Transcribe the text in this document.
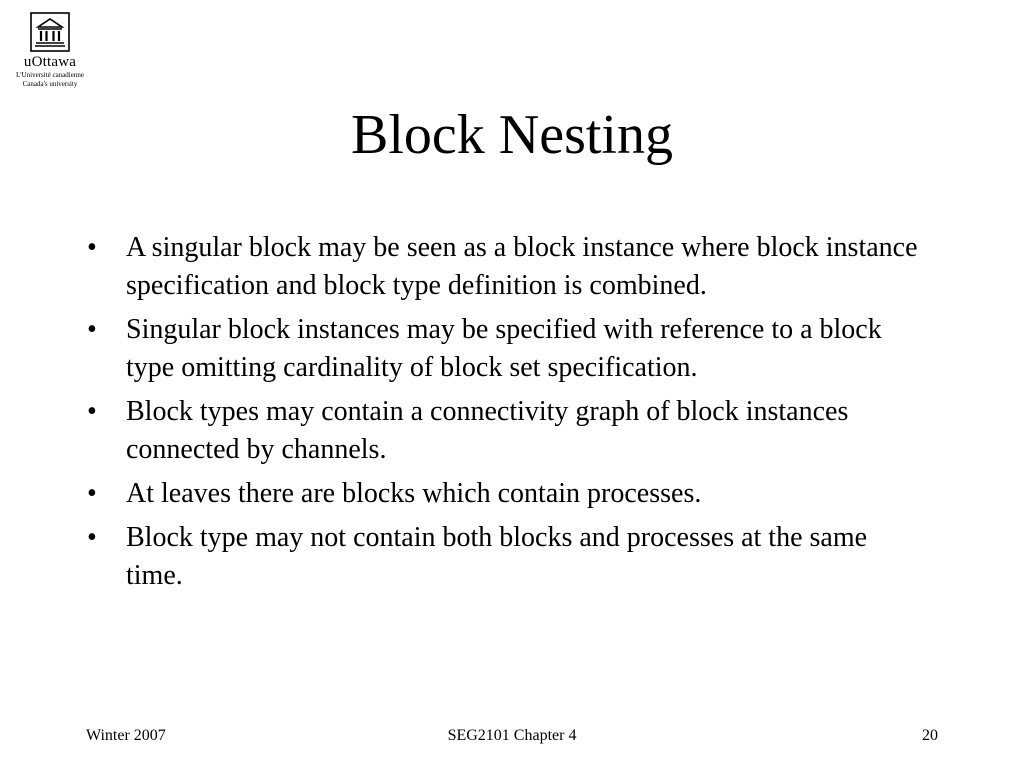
uOttawa
L'Université canadienne
Canada's university
Block Nesting
• A singular block may be seen as a block instance where block instance specification and block type definition is combined.
• Singular block instances may be specified with reference to a block type omitting cardinality of block set specification.
• Block types may contain a connectivity graph of block instances connected by channels.
• At leaves there are blocks which contain processes.
• Block type may not contain both blocks and processes at the same time.
Winter 2007	SEG2101 Chapter 4	20
